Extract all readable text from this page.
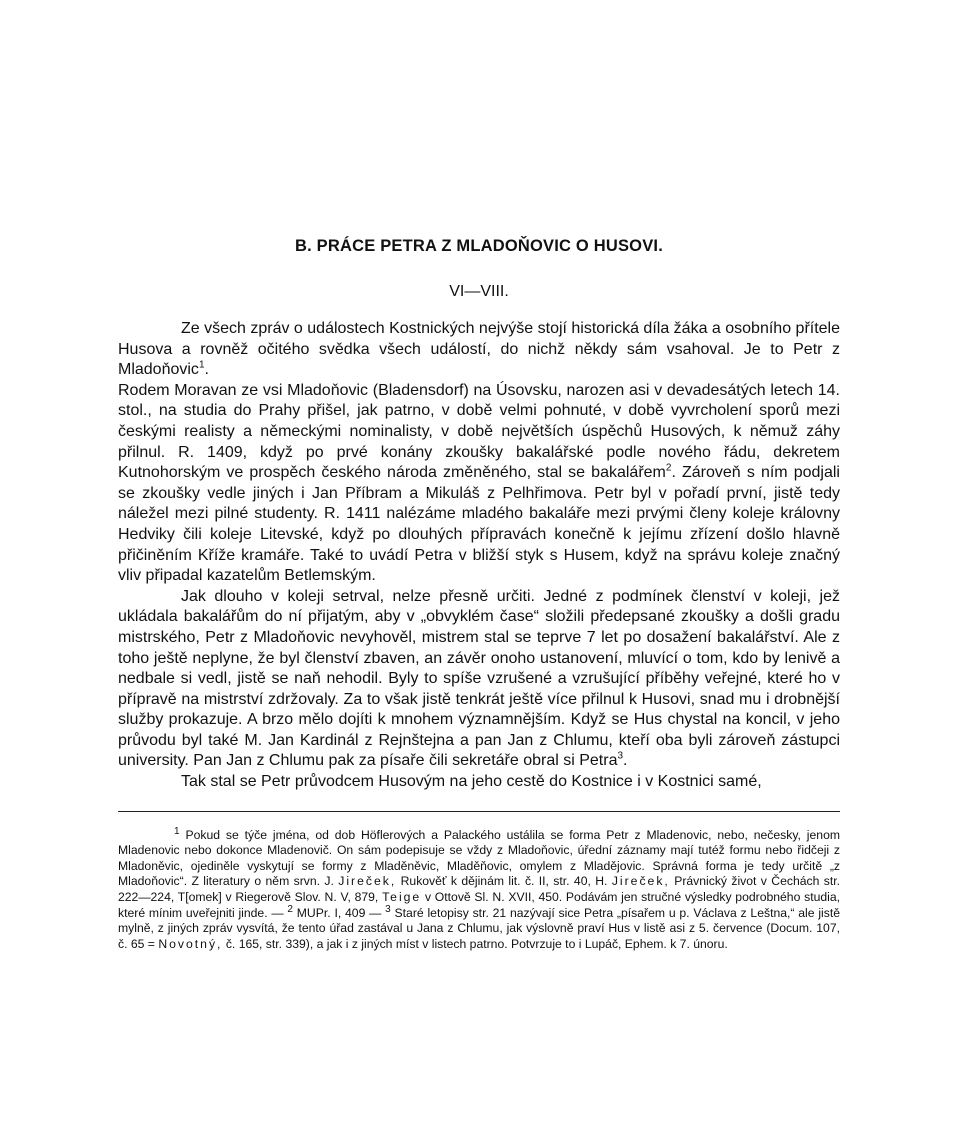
B. PRÁCE PETRA Z MLADOŇOVIC O HUSOVI.
VI—VIII.

Ze všech zpráv o událostech Kostnických nejvýše stojí historická díla žáka a osobního přítele Husova a rovněž očitého svědka všech událostí, do nichž někdy sám vsahoval. Je to Petr z Mladoňovic$^1$.

Rodem Moravan ze vsi Mladoňovic (Bladensdorf) na Úsovsku, narozen asi v devadesátých letech 14. stol., na studia do Prahy přišel, jak patrno, v době velmi pohnuté, v době vyvrcholení sporů mezi českými realisty a německými nominalisty, v době největších úspěchů Husových, k němuž záhy přilnul. R. 1409, když po prvé konány zkoušky bakalářské podle nového řádu, dekretem Kutnohorským ve prospěch českého národa změněného, stal se bakalářem$^2$. Zároveň s ním podjali se zkoušky vedle jiných i Jan Příbram a Mikuláš z Pelhřimova. Petr byl v pořadí první, jistě tedy náležel mezi pilné studenty. R. 1411 nalézáme mladého bakaláře mezi prvými členy koleje královny Hedviky čili koleje Litevské, když po dlouhých přípravách konečně k jejímu zřízení došlo hlavně přičiněním Kříže kramáře. Také to uvádí Petra v bližší styk s Husem, když na správu koleje značný vliv připadal kazatelům Betlemským.

Jak dlouho v koleji setrval, nelze přesně určiti. Jedné z podmínek členství v koleji, jež ukládala bakalářům do ní přijatým, aby v „obvyklém čase“ složili předepsané zkoušky a došli gradu mistrského, Petr z Mladoňovic nevyhověl, mistrem stal se teprve 7 let po dosažení bakalářství. Ale z toho ještě neplyne, že byl členství zbaven, an závěr onoho ustanovení, mluvící o tom, kdo by lenivě a nedbale si vedl, jistě se naň nehodil. Byly to spíše vzrušené a vzrušující příběhy veřejné, které ho v přípravě na mistrství zdržovaly. Za to však jistě tenkrát ještě více přilnul k Husovi, snad mu i drobnější služby prokazuje. A brzo mělo dojíti k mnohem významnějším. Když se Hus chystal na koncil, v jeho průvodu byl také M. Jan Kardinál z Rejnštejna a pan Jan z Chlumu, kteří oba byli zároveň zástupci university. Pan Jan z Chlumu pak za písaře čili sekretáře obral si Petra$^3$.

Tak stal se Petr průvodcem Husovým na jeho cestě do Kostnice i v Kostnici samé,

$^1$ Pokud se týče jména, od dob Höflerových a Palackého ustálila se forma Petr z Mladenovic, nebo, nečesky, jenom Mladenovic nebo dokonce Mladenovič. On sám podepisuje se vždy z Mladoňovic, úřední záznamy mají tutéž formu nebo řidčeji z Mladoněvic, ojediněle vyskytují se formy z Mladěněvic, Mladěňovic, omylem z Mladějovic. Správná forma je tedy určitě „z Mladoňovic“. Z literatury o něm srvn. J. Jireček, Rukověť k dějinám lit. č. II, str. 40, H. Jireček, Právnický život v Čechách str. 222—224, T[omek] v Riegerově Slov. N. V, 879, Teige v Ottově Sl. N. XVII, 450. Podávám jen stručné výsledky podrobného studia, které mínim uveřejniti jinde. — $^2$ MUPr. I, 409 — $^3$ Staré letopisy str. 21 nazývají sice Petra „písařem u p. Václava z Leštna,“ ale jistě mylně, z jiných zpráv vysvítá, že tento úřad zastával u Jana z Chlumu, jak výslovně praví Hus v listě asi z 5. července (Docum. 107, č. 65 = Novotný, č. 165, str. 339), a jak i z jiných míst v listech patrno. Potvrzuje to i Lupáč, Ephem. k 7. únoru.
